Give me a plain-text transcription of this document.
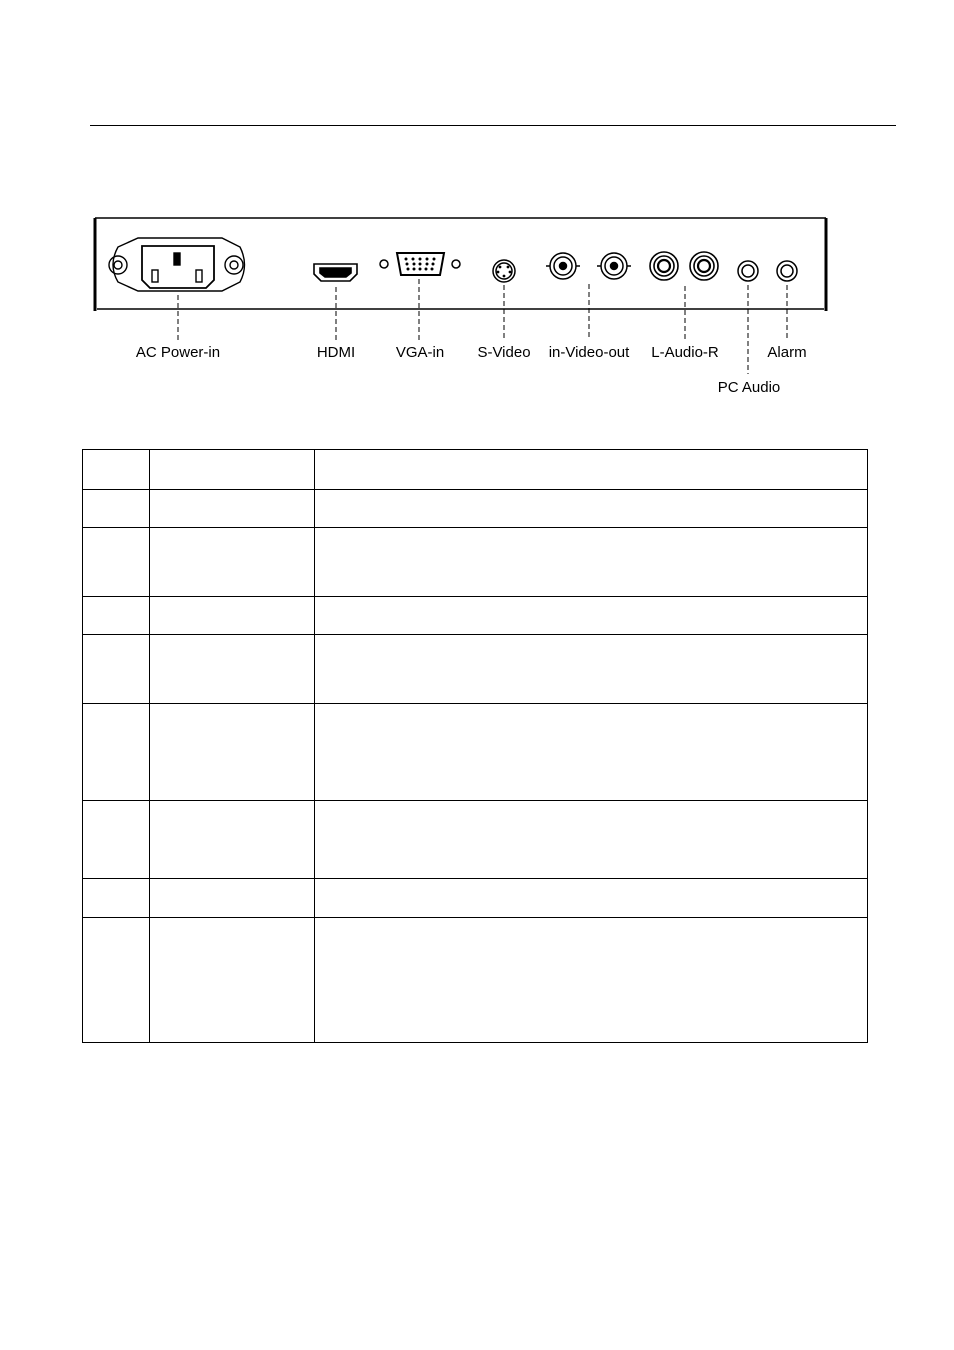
AC Power-in	HDMI	VGA-in S-Video in-Video-out L-Audio-R	Alarm
PC Audio
